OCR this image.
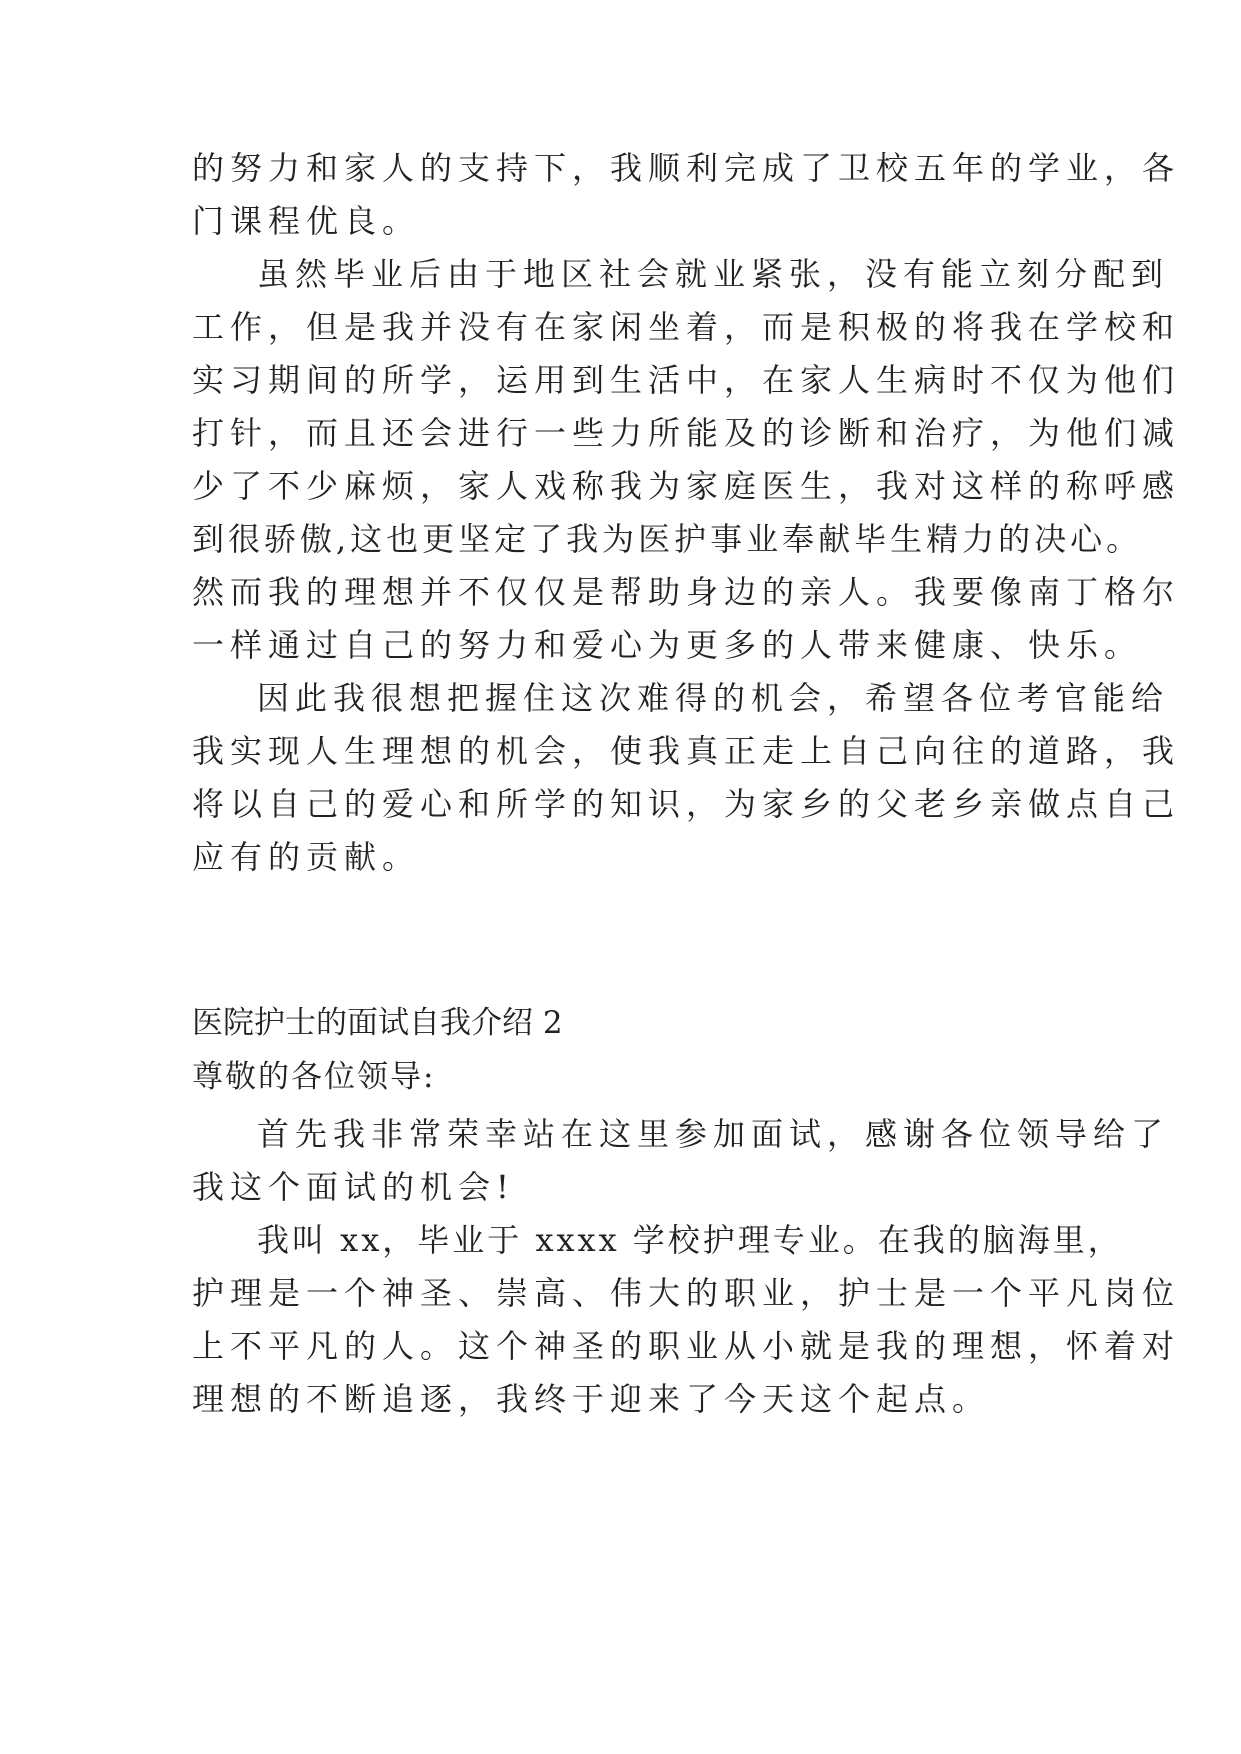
的努力和家人的支持下，我顺利完成了卫校五年的学业，各
门课程优良。
虽然毕业后由于地区社会就业紧张，没有能立刻分配到
工作，但是我并没有在家闲坐着，而是积极的将我在学校和
实习期间的所学，运用到生活中，在家人生病时不仅为他们
打针，而且还会进行一些力所能及的诊断和治疗，为他们减
少了不少麻烦，家人戏称我为家庭医生，我对这样的称呼感
到很骄傲,这也更坚定了我为医护事业奉献毕生精力的决心。
然而我的理想并不仅仅是帮助身边的亲人。我要像南丁格尔
一样通过自己的努力和爱心为更多的人带来健康、快乐。
因此我很想把握住这次难得的机会，希望各位考官能给
我实现人生理想的机会，使我真正走上自己向往的道路，我
将以自己的爱心和所学的知识，为家乡的父老乡亲做点自己
应有的贡献。
医院护士的面试自我介绍 2
尊敬的各位领导:
首先我非常荣幸站在这里参加面试，感谢各位领导给了
我这个面试的机会!
我叫 xx，毕业于 xxxx 学校护理专业。在我的脑海里，
护理是一个神圣、崇高、伟大的职业，护士是一个平凡岗位
上不平凡的人。这个神圣的职业从小就是我的理想，怀着对
理想的不断追逐，我终于迎来了今天这个起点。
